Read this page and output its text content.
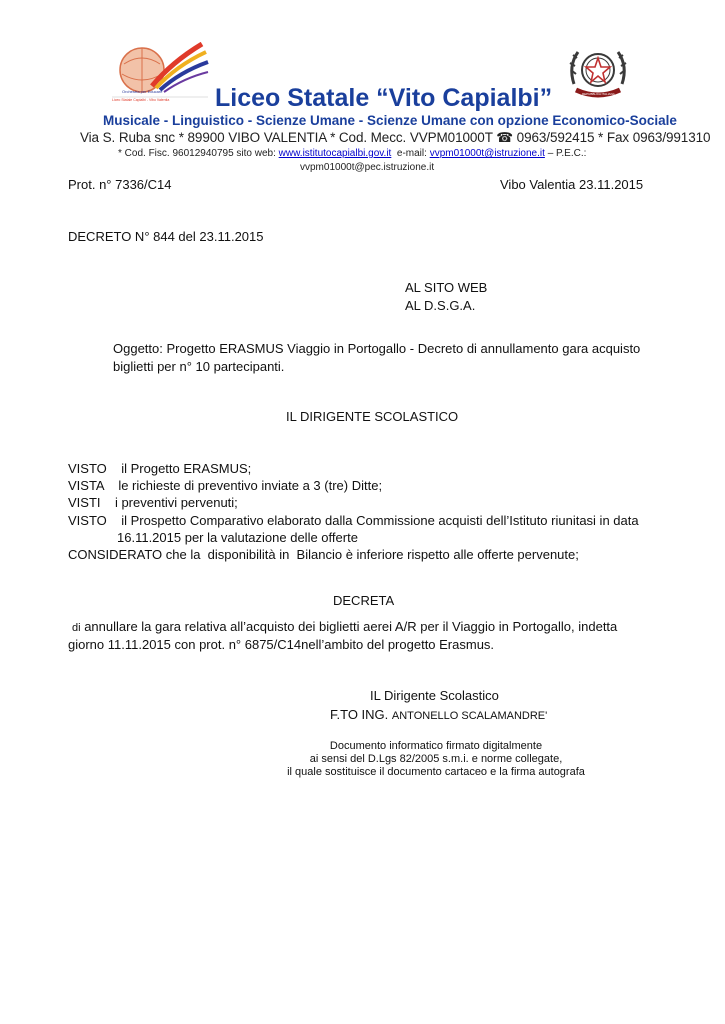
Orchestra per Educare
Liceo Statale Capialbi - Vibo Valentia
REPUBBLICA ITALIANA
Liceo Statale “Vito Capialbi”
Musicale - Linguistico - Scienze Umane - Scienze Umane con opzione Economico-Sociale
Via S. Ruba snc * 89900 VIBO VALENTIA * Cod. Mecc. VVPM01000T ☎ 0963/592415 * Fax 0963/991310
* Cod. Fisc. 96012940795 sito web: www.istitutocapialbi.gov.it e-mail: vvpm01000t@istruzione.it – P.E.C.:
vvpm01000t@pec.istruzione.it
Prot. n° 7336/C14	Vibo Valentia 23.11.2015
DECRETO N° 844 del 23.11.2015
AL SITO WEB
AL D.S.G.A.
Oggetto: Progetto ERASMUS Viaggio in Portogallo - Decreto di annullamento gara acquisto
biglietti per n° 10 partecipanti.
IL DIRIGENTE SCOLASTICO
VISTO    il Progetto ERASMUS;
VISTA    le richieste di preventivo inviate a 3 (tre) Ditte;
VISTI    i preventivi pervenuti;
VISTO    il Prospetto Comparativo elaborato dalla Commissione acquisti dell’Istituto riunitasi in data
16.11.2015 per la valutazione delle offerte
CONSIDERATO che la  disponibilità in  Bilancio è inferiore rispetto alle offerte pervenute;
DECRETA
di annullare la gara relativa all’acquisto dei biglietti aerei A/R per il Viaggio in Portogallo, indetta
giorno 11.11.2015 con prot. n° 6875/C14nell’ambito del progetto Erasmus.
IL Dirigente Scolastico
F.TO ING. ANTONELLO SCALAMANDRE'
Documento informatico firmato digitalmente
ai sensi del D.Lgs 82/2005 s.m.i. e norme collegate,
il quale sostituisce il documento cartaceo e la firma autografa
